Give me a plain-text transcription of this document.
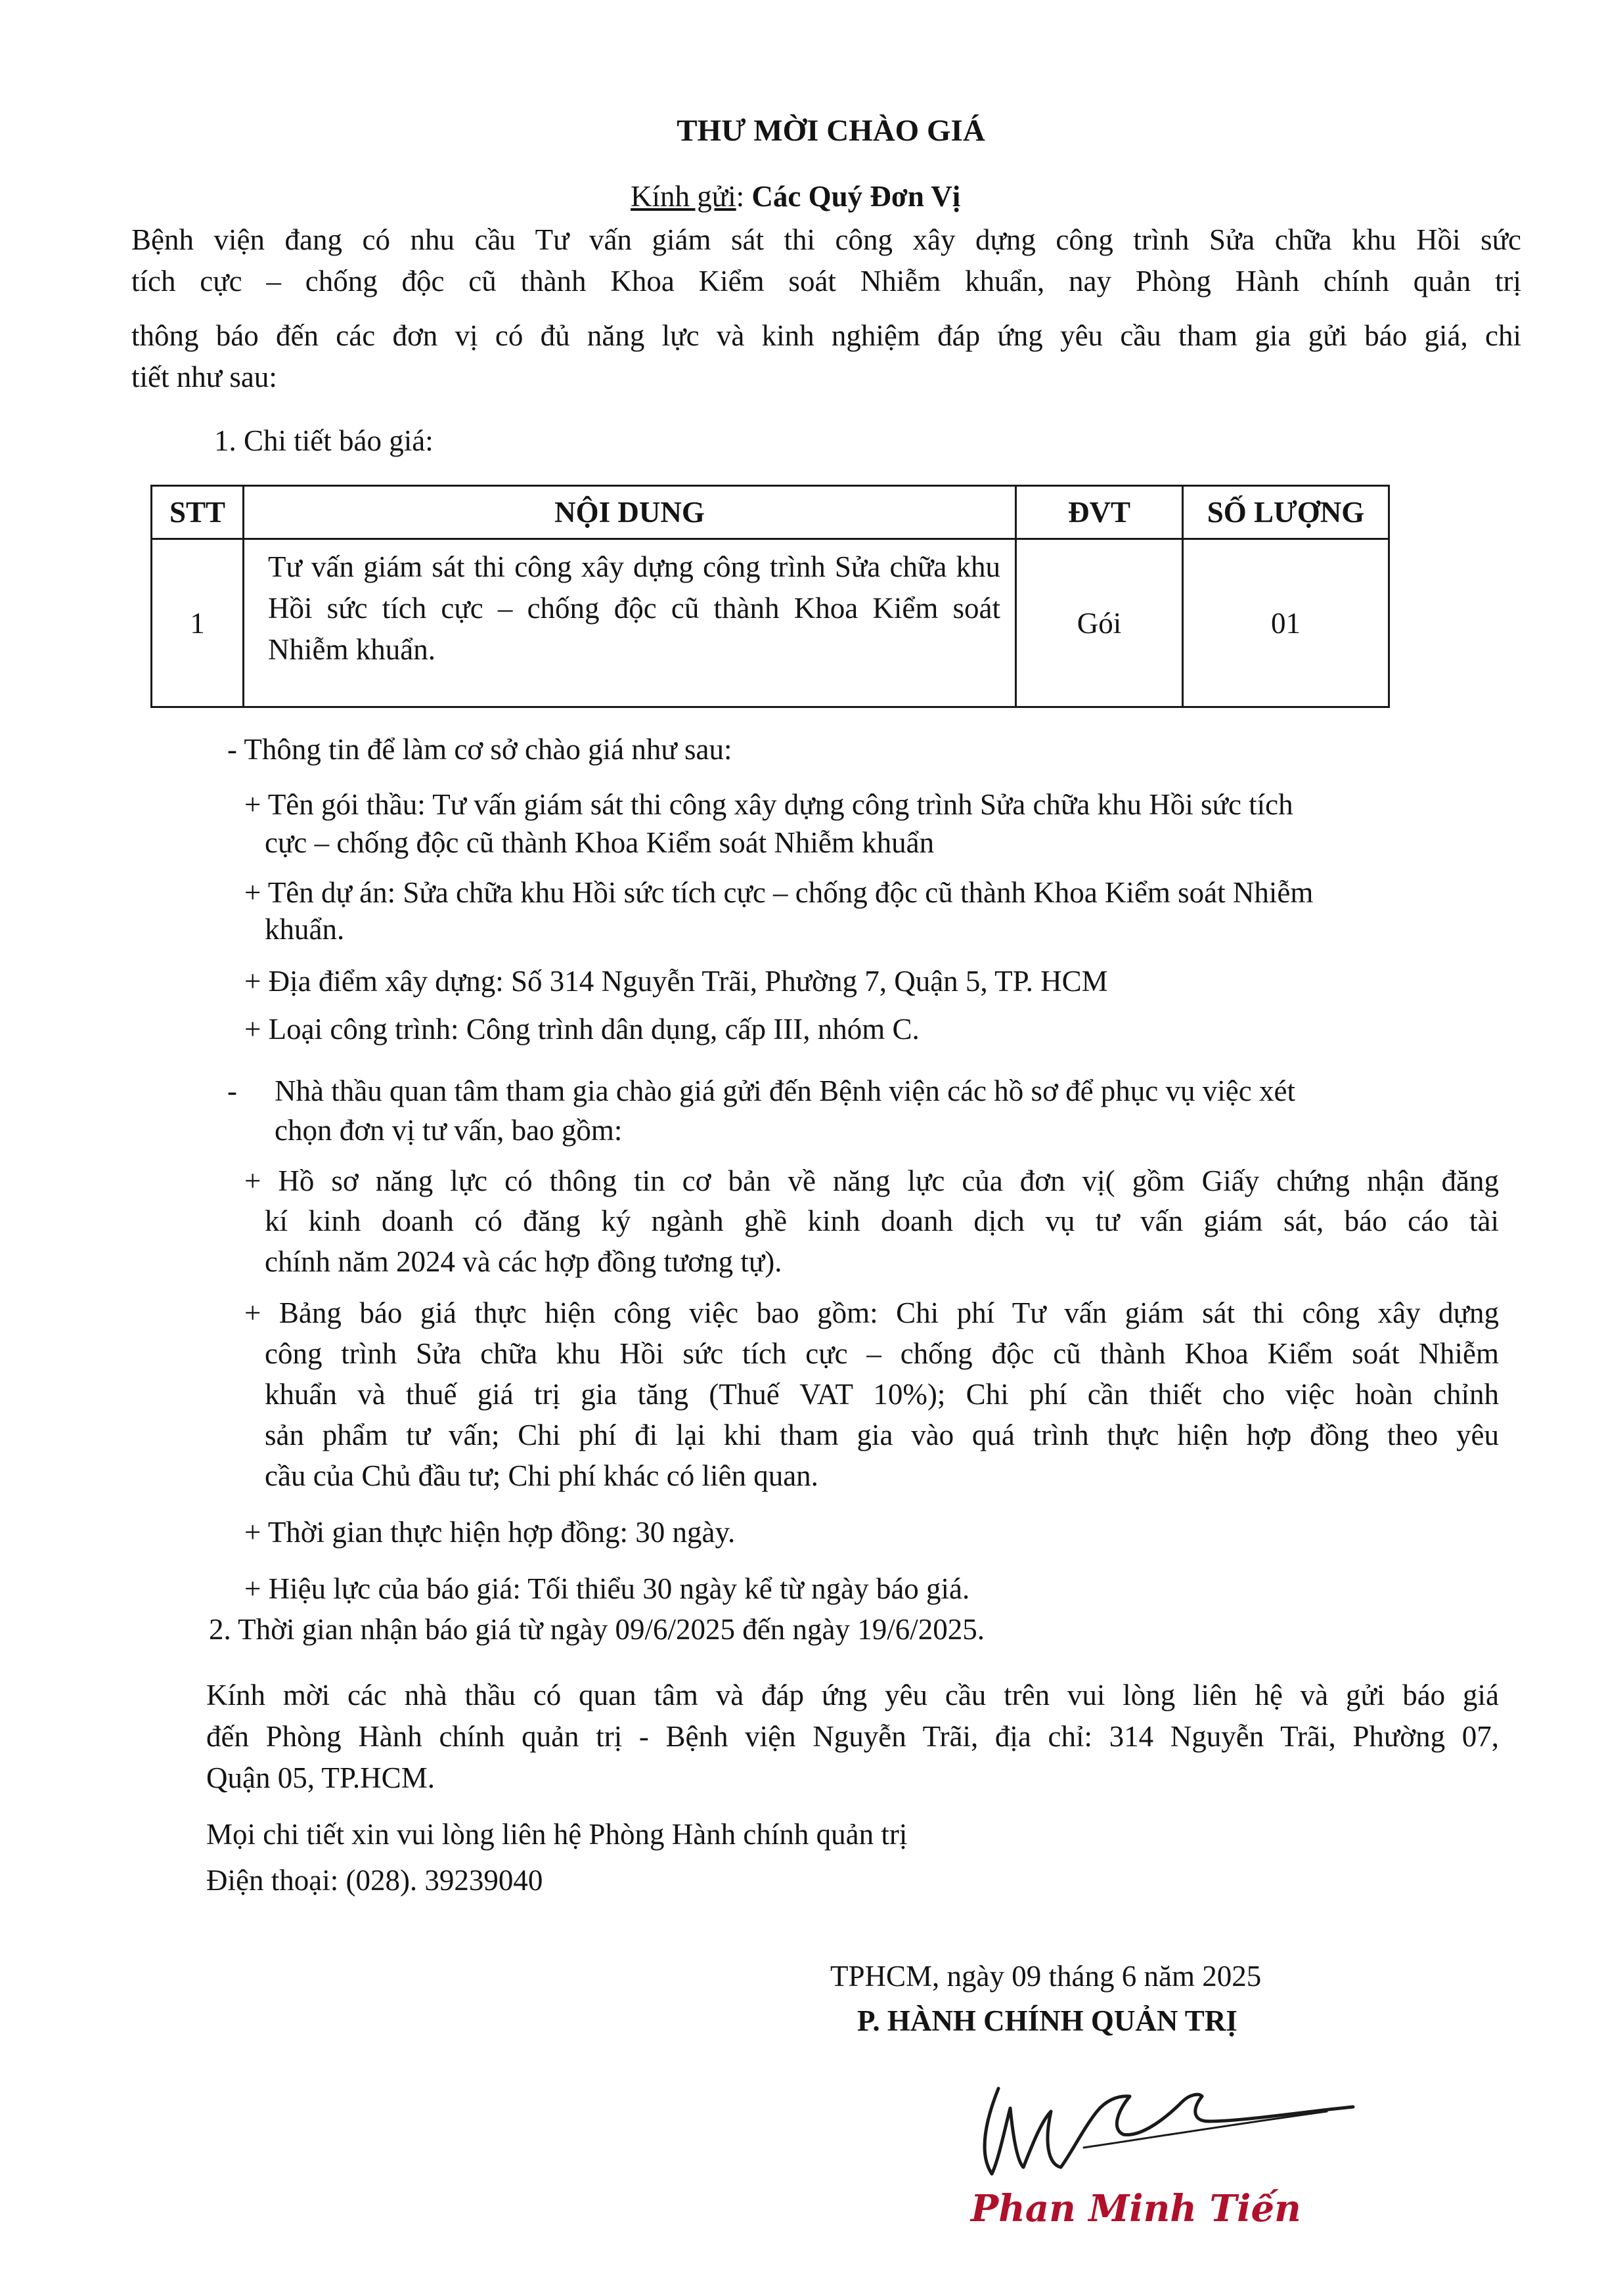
THƯ MỜI CHÀO GIÁ
Kính gửi: Các Quý Đơn Vị
Bệnh viện đang có nhu cầu Tư vấn giám sát thi công xây dựng công trình Sửa chữa khu Hồi sức
tích cực – chống độc cũ thành Khoa Kiểm soát Nhiễm khuẩn, nay Phòng Hành chính quản trị
thông báo đến các đơn vị có đủ năng lực và kinh nghiệm đáp ứng yêu cầu tham gia gửi báo giá, chi
tiết như sau:
1. Chi tiết báo giá:
STT	NỘI DUNG	ĐVT	SỐ LƯỢNG
1	Tư vấn giám sát thi công xây dựng công trình Sửa chữa khu Hồi sức tích cực – chống độc cũ thành Khoa Kiểm soát Nhiễm khuẩn.	Gói	01
- Thông tin để làm cơ sở chào giá như sau:
+ Tên gói thầu: Tư vấn giám sát thi công xây dựng công trình Sửa chữa khu Hồi sức tích
cực – chống độc cũ thành Khoa Kiểm soát Nhiễm khuẩn
+ Tên dự án: Sửa chữa khu Hồi sức tích cực – chống độc cũ thành Khoa Kiểm soát Nhiễm
khuẩn.
+ Địa điểm xây dựng: Số 314 Nguyễn Trãi, Phường 7, Quận 5, TP. HCM
+ Loại công trình: Công trình dân dụng, cấp III, nhóm C.
- Nhà thầu quan tâm tham gia chào giá gửi đến Bệnh viện các hồ sơ để phục vụ việc xét
chọn đơn vị tư vấn, bao gồm:
+ Hồ sơ năng lực có thông tin cơ bản về năng lực của đơn vị( gồm Giấy chứng nhận đăng
kí kinh doanh có đăng ký ngành ghề kinh doanh dịch vụ tư vấn giám sát, báo cáo tài
chính năm 2024 và các hợp đồng tương tự).
+ Bảng báo giá thực hiện công việc bao gồm: Chi phí Tư vấn giám sát thi công xây dựng
công trình Sửa chữa khu Hồi sức tích cực – chống độc cũ thành Khoa Kiểm soát Nhiễm
khuẩn và thuế giá trị gia tăng (Thuế VAT 10%); Chi phí cần thiết cho việc hoàn chỉnh
sản phẩm tư vấn; Chi phí đi lại khi tham gia vào quá trình thực hiện hợp đồng theo yêu
cầu của Chủ đầu tư; Chi phí khác có liên quan.
+ Thời gian thực hiện hợp đồng: 30 ngày.
+ Hiệu lực của báo giá: Tối thiểu 30 ngày kể từ ngày báo giá.
2. Thời gian nhận báo giá từ ngày 09/6/2025 đến ngày 19/6/2025.
Kính mời các nhà thầu có quan tâm và đáp ứng yêu cầu trên vui lòng liên hệ và gửi báo giá
đến Phòng Hành chính quản trị - Bệnh viện Nguyễn Trãi, địa chỉ: 314 Nguyễn Trãi, Phường 07,
Quận 05, TP.HCM.
Mọi chi tiết xin vui lòng liên hệ Phòng Hành chính quản trị
Điện thoại: (028). 39239040
TPHCM, ngày 09 tháng 6 năm 2025
P. HÀNH CHÍNH QUẢN TRỊ
Phan Minh Tiến
